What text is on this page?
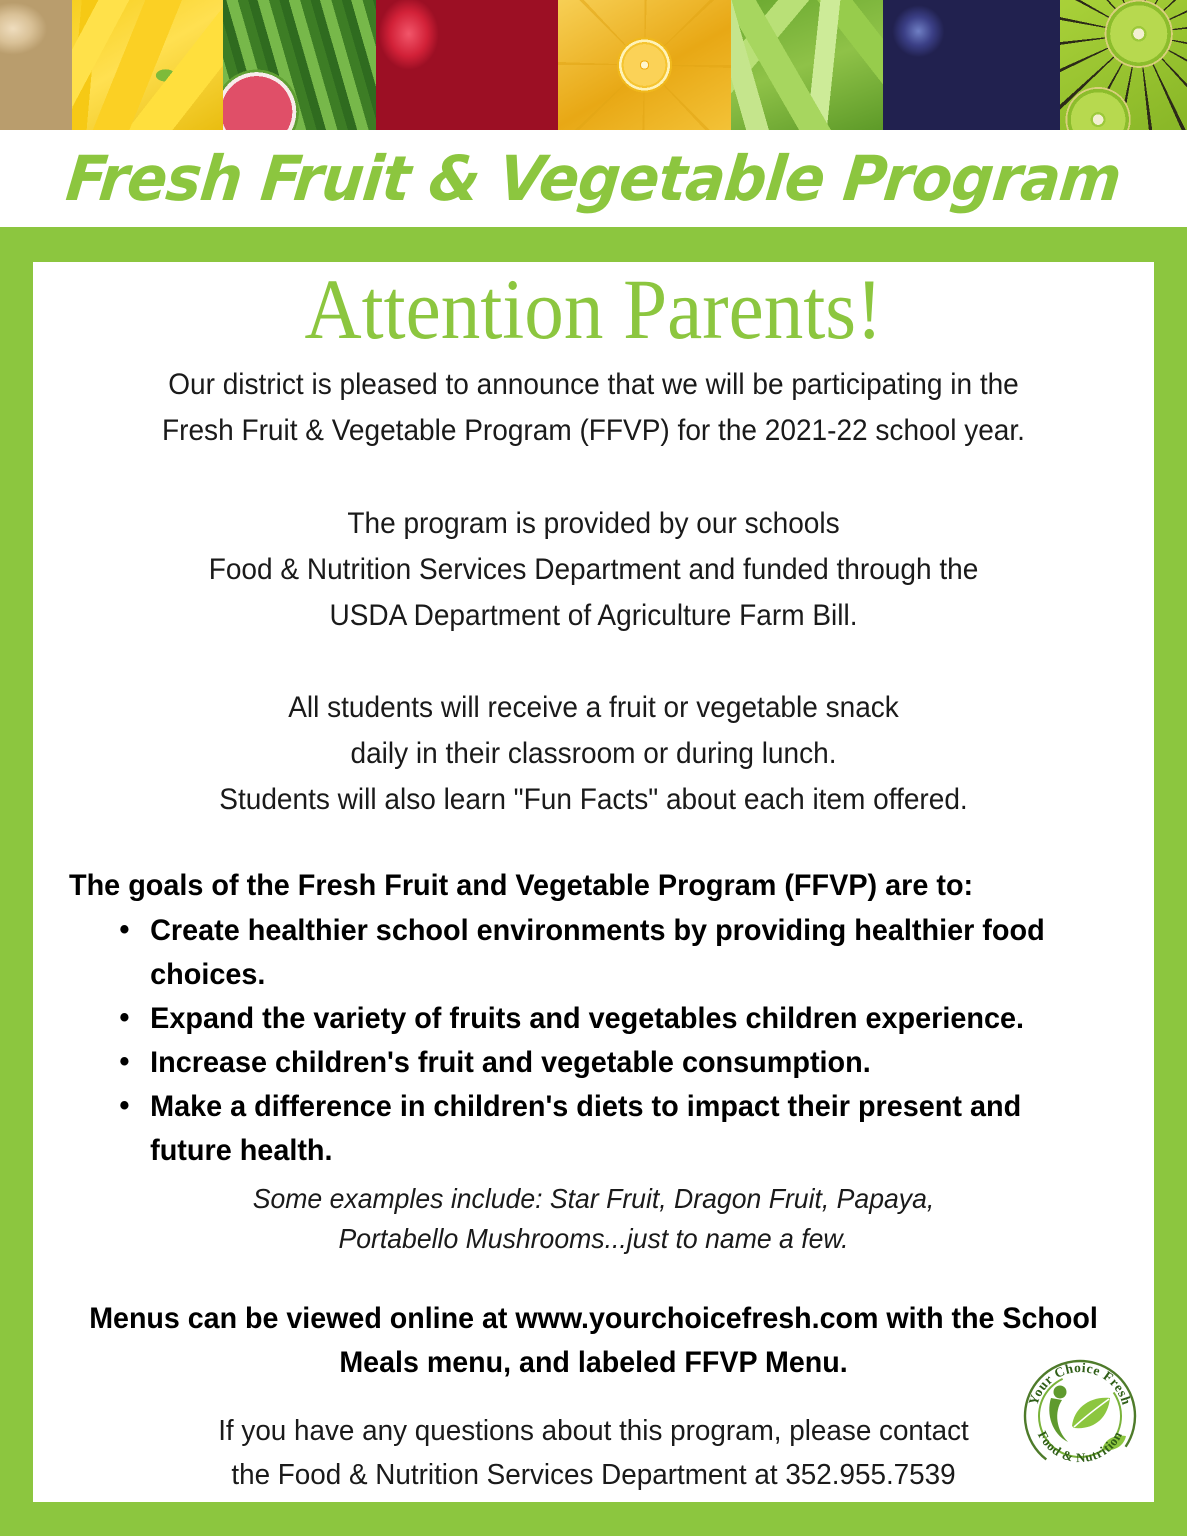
Fresh Fruit & Vegetable Program
Attention Parents!

Our district is pleased to announce that we will be participating in the
Fresh Fruit & Vegetable Program (FFVP) for the 2021-22 school year.

The program is provided by our schools
Food & Nutrition Services Department and funded through the
USDA Department of Agriculture Farm Bill.

All students will receive a fruit or vegetable snack
daily in their classroom or during lunch.
Students will also learn "Fun Facts" about each item offered.

The goals of the Fresh Fruit and Vegetable Program (FFVP) are to:
• Create healthier school environments by providing healthier food choices.
• Expand the variety of fruits and vegetables children experience.
• Increase children's fruit and vegetable consumption.
• Make a difference in children's diets to impact their present and future health.

Some examples include: Star Fruit, Dragon Fruit, Papaya,
Portabello Mushrooms...just to name a few.

Menus can be viewed online at www.yourchoicefresh.com with the School
Meals menu, and labeled FFVP Menu.

If you have any questions about this program, please contact
the Food & Nutrition Services Department at 352.955.7539

Your Choice Fresh
Food & Nutrition
